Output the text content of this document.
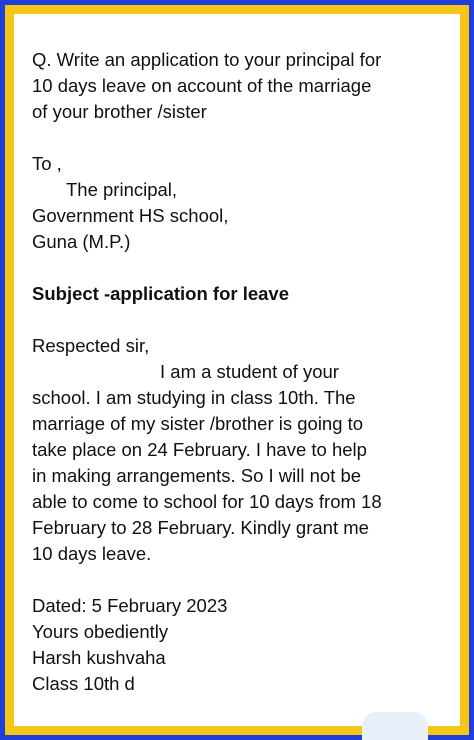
Q. Write an application to your principal for
10 days leave on account of the marriage
of your brother /sister
To ,
The principal,
Government HS school,
Guna (M.P.)
Subject -application for leave
Respected sir,
I am a student of your
school. I am studying in class 10th. The
marriage of my sister /brother is going to
take place on 24 February. I have to help
in making arrangements. So I will not be
able to come to school for 10 days from 18
February to 28 February. Kindly grant me
10 days leave.
Dated: 5 February 2023
Yours obediently
Harsh kushvaha
Class 10th d
